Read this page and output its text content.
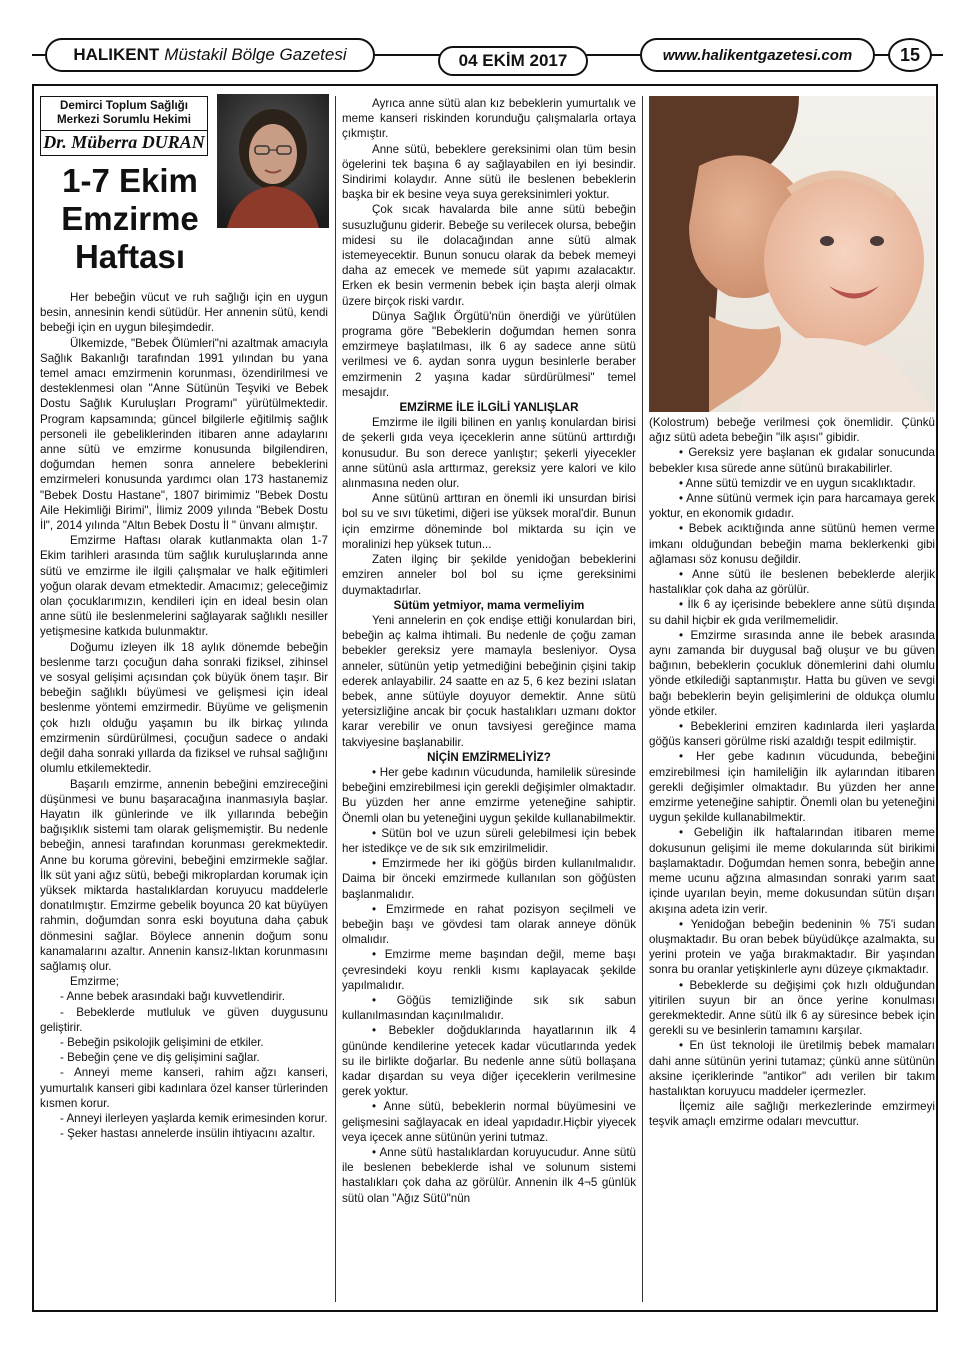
HALIKENT Müstakil Bölge Gazetesi	04 EKİM 2017	www.halikentgazetesi.com	15
Demirci Toplum Sağlığı Merkezi Sorumlu Hekimi
Dr. Müberra DURAN
1-7 Ekim
Emzirme
Haftası

Her bebeğin vücut ve ruh sağlığı için en uygun besin, annesinin kendi sütüdür. Her annenin sütü, kendi bebeği için en uygun bileşimdedir.

Ülkemizde, "Bebek Ölümleri"ni azaltmak amacıyla Sağlık Bakanlığı tarafından 1991 yılından bu yana temel amacı emzirmenin korunması, özendirilmesi ve desteklenmesi olan "Anne Sütünün Teşviki ve Bebek Dostu Sağlık Kuruluşları Programı" yürütülmektedir. Program kapsamında; güncel bilgilerle eğitilmiş sağlık personeli ile gebeliklerinden itibaren anne adaylarını anne sütü ve emzirme konusunda bilgilendiren, doğumdan hemen sonra annelere bebeklerini emzirmeleri konusunda yardımcı olan 173 hastanemiz "Bebek Dostu Hastane", 1807 birimimiz "Bebek Dostu Aile Hekimliği Birimi", İlimiz 2009 yılında "Bebek Dostu İl", 2014 yılında "Altın Bebek Dostu İl " ünvanı almıştır.

Emzirme Haftası olarak kutlanmakta olan 1-7 Ekim tarihleri arasında tüm sağlık kuruluşlarında anne sütü ve emzirme ile ilgili çalışmalar ve halk eğitimleri yoğun olarak devam etmektedir. Amacımız; geleceğimiz olan çocuklarımızın, kendileri için en ideal besin olan anne sütü ile beslenmelerini sağlayarak sağlıklı nesiller yetişmesine katkıda bulunmaktır.

Doğumu izleyen ilk 18 aylık dönemde bebeğin beslenme tarzı çocuğun daha sonraki fiziksel, zihinsel ve sosyal gelişimi açısından çok büyük önem taşır. Bir bebeğin sağlıklı büyümesi ve gelişmesi için ideal beslenme yöntemi emzirmedir. Büyüme ve gelişmenin çok hızlı olduğu yaşamın bu ilk birkaç yılında emzirmenin sürdürülmesi, çocuğun sadece o andaki değil daha sonraki yıllarda da fiziksel ve ruhsal sağlığını olumlu etkilemektedir.

Başarılı emzirme, annenin bebeğini emzireceğini düşünmesi ve bunu başaracağına inanmasıyla başlar. Hayatın ilk günlerinde ve ilk yıllarında bebeğin bağışıklık sistemi tam olarak gelişmemiştir. Bu nedenle bebeğin, annesi tarafından korunması gerekmektedir. Anne bu koruma görevini, bebeğini emzirmekle sağlar. İlk süt yani ağız sütü, bebeği mikroplardan korumak için yüksek miktarda hastalıklardan koruyucu maddelerle donatılmıştır. Emzirme gebelik boyunca 20 kat büyüyen rahmin, doğumdan sonra eski boyutuna daha çabuk dönmesini sağlar. Böylece annenin doğum sonu kanamalarını azaltır. Annenin kansız-lıktan korunmasını sağlamış olur.

Emzirme;

- Anne bebek arasındaki bağı kuvvetlendirir.

- Bebeklerde mutluluk ve güven duygusunu geliştirir.

- Bebeğin psikolojik gelişimini de etkiler.

- Bebeğin çene ve diş gelişimini sağlar.

- Anneyi meme kanseri, rahim ağzı kanseri, yumurtalık kanseri gibi kadınlara özel kanser türlerinden kısmen korur.

- Anneyi ilerleyen yaşlarda kemik erimesinden korur.

- Şeker hastası annelerde insülin ihtiyacını azaltır.

Ayrıca anne sütü alan kız bebeklerin yumurtalık ve meme kanseri riskinden korunduğu çalışmalarla ortaya çıkmıştır.

Anne sütü, bebeklere gereksinimi olan tüm besin ögelerini tek başına 6 ay sağlayabilen en iyi besindir. Sindirimi kolaydır. Anne sütü ile beslenen bebeklerin başka bir ek besine veya suya gereksinimleri yoktur.

Çok sıcak havalarda bile anne sütü bebeğin susuzluğunu giderir. Bebeğe su verilecek olursa, bebeğin midesi su ile dolacağından anne sütü almak istemeyecektir. Bunun sonucu olarak da bebek memeyi daha az emecek ve memede süt yapımı azalacaktır. Erken ek besin vermenin bebek için başta alerji olmak üzere birçok riski vardır.

Dünya Sağlık Örgütü'nün önerdiği ve yürütülen programa göre "Bebeklerin doğumdan hemen sonra emzirmeye başlatılması, ilk 6 ay sadece anne sütü verilmesi ve 6. aydan sonra uygun besinlerle beraber emzirmenin 2 yaşına kadar sürdürülmesi" temel mesajdır.

EMZİRME İLE İLGİLİ YANLIŞLAR

Emzirme ile ilgili bilinen en yanlış konulardan birisi de şekerli gıda veya içeceklerin anne sütünü arttırdığı konusudur. Bu son derece yanlıştır; şekerli yiyecekler anne sütünü asla arttırmaz, gereksiz yere kalori ve kilo alınmasına neden olur.

Anne sütünü arttıran en önemli iki unsurdan birisi bol su ve sıvı tüketimi, diğeri ise yüksek moral'dir. Bunun için emzirme döneminde bol miktarda su için ve moralinizi hep yüksek tutun...

Zaten ilginç bir şekilde yenidoğan bebeklerini emziren anneler bol bol su içme gereksinimi duymaktadırlar.

Sütüm yetmiyor, mama vermeliyim

Yeni annelerin en çok endişe ettiği konulardan biri, bebeğin aç kalma ihtimali. Bu nedenle de çoğu zaman bebekler gereksiz yere mamayla besleniyor. Oysa anneler, sütünün yetip yetmediğini bebeğinin çişini takip ederek anlayabilir. 24 saatte en az 5, 6 kez bezini ıslatan bebek, anne sütüyle doyuyor demektir. Anne sütü yetersizliğine ancak bir çocuk hastalıkları uzmanı doktor karar verebilir ve onun tavsiyesi gereğince mama takviyesine başlanabilir.

NİÇİN EMZİRMELİYİZ?

• Her gebe kadının vücudunda, hamilelik süresinde bebeğini emzirebilmesi için gerekli değişimler olmaktadır. Bu yüzden her anne emzirme yeteneğine sahiptir. Önemli olan bu yeteneğini uygun şekilde kullanabilmektir.

• Sütün bol ve uzun süreli gelebilmesi için bebek her istedikçe ve de sık sık emzirilmelidir.

• Emzirmede her iki göğüs birden kullanılmalıdır. Daima bir önceki emzirmede kullanılan son göğüsten başlanmalıdır.

• Emzirmede en rahat pozisyon seçilmeli ve bebeğin başı ve gövdesi tam olarak anneye dönük olmalıdır.

• Emzirme meme başından değil, meme başı çevresindeki koyu renkli kısmı kaplayacak şekilde yapılmalıdır.

• Göğüs temizliğinde sık sık sabun kullanılmasından kaçınılmalıdır.

• Bebekler doğduklarında hayatlarının ilk 4 gününde kendilerine yetecek kadar vücutlarında yedek su ile birlikte doğarlar. Bu nedenle anne sütü bollaşana kadar dışardan su veya diğer içeceklerin verilmesine gerek yoktur.

• Anne sütü, bebeklerin normal büyümesini ve gelişmesini sağlayacak en ideal yapıdadır.Hiçbir yiyecek veya içecek anne sütünün yerini tutmaz.

• Anne sütü hastalıklardan koruyucudur. Anne sütü ile beslenen bebeklerde ishal ve solunum sistemi hastalıkları çok daha az görülür. Annenin ilk 4¬5 günlük sütü olan "Ağız Sütü"nün

(Kolostrum) bebeğe verilmesi çok önemlidir. Çünkü ağız sütü adeta bebeğin "ilk aşısı" gibidir.

• Gereksiz yere başlanan ek gıdalar sonucunda bebekler kısa sürede anne sütünü bırakabilirler.

• Anne sütü temizdir ve en uygun sıcaklıktadır.

• Anne sütünü vermek için para harcamaya gerek yoktur, en ekonomik gıdadır.

• Bebek acıktığında anne sütünü hemen verme imkanı olduğundan bebeğin mama beklerkenki gibi ağlaması söz konusu değildir.

• Anne sütü ile beslenen bebeklerde alerjik hastalıklar çok daha az görülür.

• İlk 6 ay içerisinde bebeklere anne sütü dışında su dahil hiçbir ek gıda verilmemelidir.

• Emzirme sırasında anne ile bebek arasında aynı zamanda bir duygusal bağ oluşur ve bu güven bağının, bebeklerin çocukluk dönemlerini dahi olumlu yönde etkilediği saptanmıştır. Hatta bu güven ve sevgi bağı bebeklerin beyin gelişimlerini de oldukça olumlu yönde etkiler.

• Bebeklerini emziren kadınlarda ileri yaşlarda göğüs kanseri görülme riski azaldığı tespit edilmiştir.

• Her gebe kadının vücudunda, bebeğini emzirebilmesi için hamileliğin ilk aylarından itibaren gerekli değişimler olmaktadır. Bu yüzden her anne emzirme yeteneğine sahiptir. Önemli olan bu yeteneğini uygun şekilde kullanabilmektir.

• Gebeliğin ilk haftalarından itibaren meme dokusunun gelişimi ile meme dokularında süt birikimi başlamaktadır. Doğumdan hemen sonra, bebeğin anne meme ucunu ağzına almasından sonraki yarım saat içinde uyarılan beyin, meme dokusundan sütün dışarı akışına adeta izin verir.

• Yenidoğan bebeğin bedeninin % 75'i sudan oluşmaktadır. Bu oran bebek büyüdükçe azalmakta, su yerini protein ve yağa bırakmaktadır. Bir yaşından sonra bu oranlar yetişkinlerle aynı düzeye çıkmaktadır.

• Bebeklerde su değişimi çok hızlı olduğundan yitirilen suyun bir an önce yerine konulması gerekmektedir. Anne sütü ilk 6 ay süresince bebek için gerekli su ve besinlerin tamamını karşılar.

• En üst teknoloji ile üretilmiş bebek mamaları dahi anne sütünün yerini tutamaz; çünkü anne sütünün aksine içeriklerinde "antikor" adı verilen bir takım hastalıktan koruyucu maddeler içermezler.

İlçemiz aile sağlığı merkezlerinde emzirmeyi teşvik amaçlı emzirme odaları mevcuttur.
